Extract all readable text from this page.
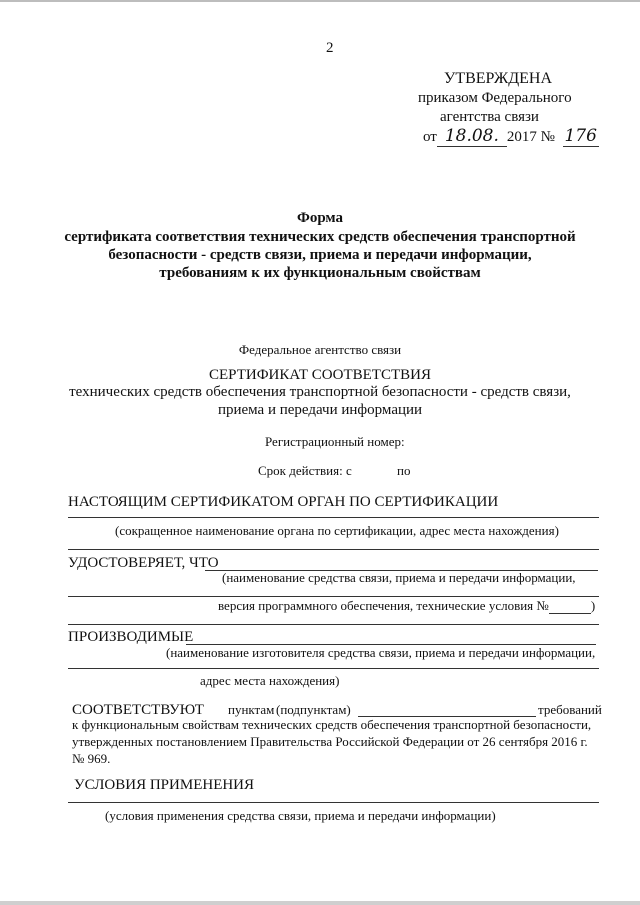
2
УТВЕРЖДЕНА
приказом Федерального
агентства связи
от 18.08. 2017 № 176
Форма
сертификата соответствия технических средств обеспечения транспортной
безопасности - средств связи, приема и передачи информации,
требованиям к их функциональным свойствам
Федеральное агентство связи
СЕРТИФИКАТ СООТВЕТСТВИЯ
технических средств обеспечения транспортной безопасности - средств связи,
приема и передачи информации
Регистрационный номер:
Срок действия: с	по
НАСТОЯЩИМ СЕРТИФИКАТОМ ОРГАН ПО СЕРТИФИКАЦИИ
(сокращенное наименование органа по сертификации, адрес места нахождения)
УДОСТОВЕРЯЕТ, ЧТО
(наименование средства связи, приема и передачи информации,
версия программного обеспечения, технические условия №	)
ПРОИЗВОДИМЫЕ
(наименование изготовителя средства связи, приема и передачи информации,
адрес места нахождения)
СООТВЕТСТВУЮТ пунктам (подпунктам)	требований
к функциональным свойствам технических средств обеспечения транспортной безопасности,
утвержденных постановлением Правительства Российской Федерации от 26 сентября 2016 г.
№ 969.
УСЛОВИЯ ПРИМЕНЕНИЯ
(условия применения средства связи, приема и передачи информации)
